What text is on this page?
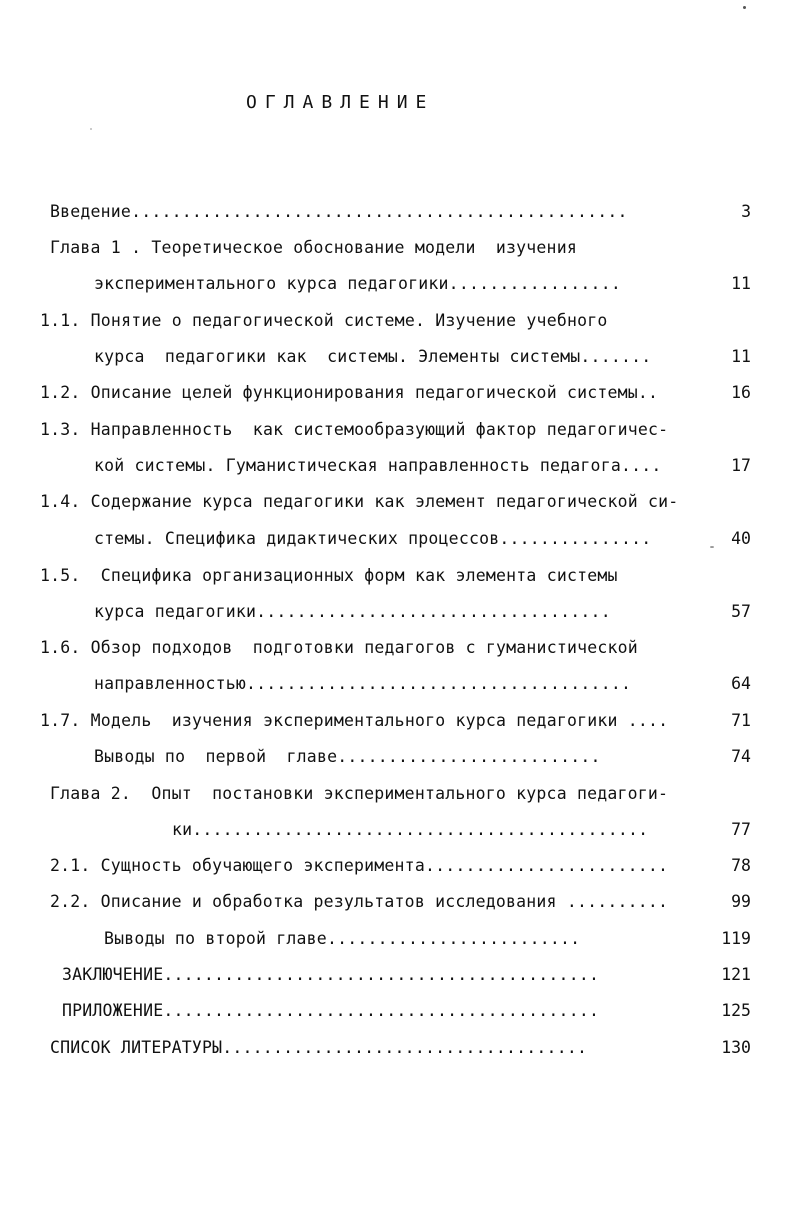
ОГЛАВЛЕНИЕ
Введение.................................................	3
Глава 1 . Теоретическое обоснование модели  изучения
экспериментального курса педагогики.................	11
1.1. Понятие о педагогической системе. Изучение учебного
курса  педагогики как  системы. Элементы системы.......	11
1.2. Описание целей функционирования педагогической системы..	16
1.3. Направленность  как системообразующий фактор педагогичес-
кой системы. Гуманистическая направленность педагога....	17
1.4. Содержание курса педагогики как элемент педагогической си-
стемы. Специфика дидактических процессов...............	40
1.5.  Специфика организационных форм как элемента системы
курса педагогики...................................	57
1.6. Обзор подходов  подготовки педагогов с гуманистической
направленностью......................................	64
1.7. Модель  изучения экспериментального курса педагогики ....	71
Выводы по  первой  главе..........................	74
Глава 2.  Опыт  постановки экспериментального курса педагоги-
ки.............................................	77
2.1. Сущность обучающего эксперимента........................	78
2.2. Описание и обработка результатов исследования ..........	99
Выводы по второй главе.........................	119
ЗАКЛЮЧЕНИЕ...........................................	121
ПРИЛОЖЕНИЕ...........................................	125
СПИСОК ЛИТЕРАТУРЫ....................................	130
